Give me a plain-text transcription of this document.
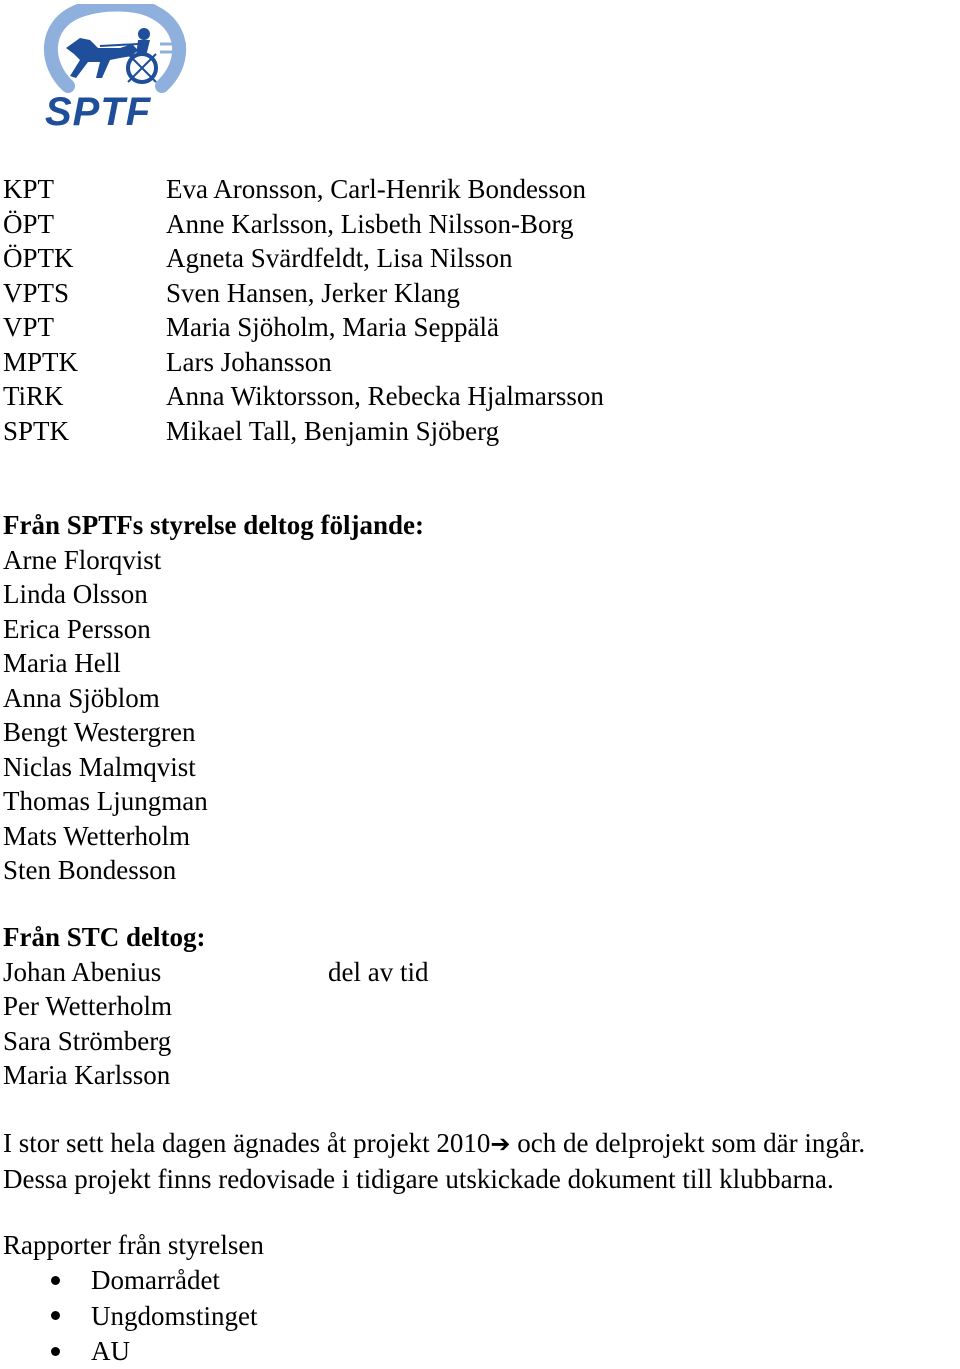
SPTF
KPT	Eva Aronsson, Carl-Henrik Bondesson
ÖPT	Anne Karlsson, Lisbeth Nilsson-Borg
ÖPTK	Agneta Svärdfeldt, Lisa Nilsson
VPTS	Sven Hansen, Jerker Klang
VPT	Maria Sjöholm, Maria Seppälä
MPTK	Lars Johansson
TiRK	Anna Wiktorsson, Rebecka Hjalmarsson
SPTK	Mikael Tall, Benjamin Sjöberg
Från SPTFs styrelse deltog följande:
Arne Florqvist
Linda Olsson
Erica Persson
Maria Hell
Anna Sjöblom
Bengt Westergren
Niclas Malmqvist
Thomas Ljungman
Mats Wetterholm
Sten Bondesson
Från STC deltog:
Johan Abenius	del av tid
Per Wetterholm
Sara Strömberg
Maria Karlsson
I stor sett hela dagen ägnades åt projekt 2010➔ och de delprojekt som där ingår.
Dessa projekt finns redovisade i tidigare utskickade dokument till klubbarna.
Rapporter från styrelsen
Domarrådet
Ungdomstinget
AU
